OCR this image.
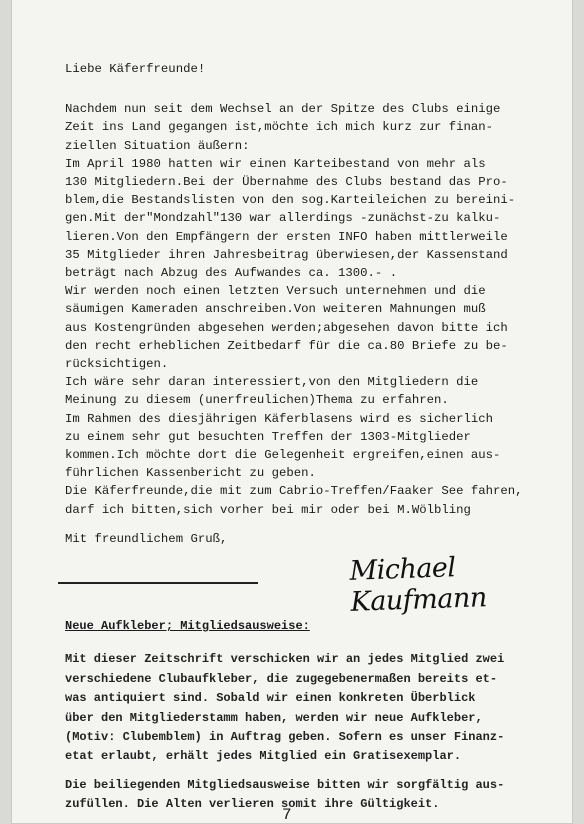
Liebe Käferfreunde!

Nachdem nun seit dem Wechsel an der Spitze des Clubs einige

Zeit ins Land gegangen ist,möchte ich mich kurz zur finan-

ziellen Situation äußern:

Im April 1980 hatten wir einen Karteibestand von mehr als

130 Mitgliedern.Bei der Übernahme des Clubs bestand das Pro-

blem,die Bestandslisten von den sog.Karteileichen zu bereini-

gen.Mit der"Mondzahl"130 war allerdings -zunächst-zu kalku-

lieren.Von den Empfängern der ersten INFO haben mittlerweile

35 Mitglieder ihren Jahresbeitrag überwiesen,der Kassenstand

beträgt nach Abzug des Aufwandes ca. 1300.- .

Wir werden noch einen letzten Versuch unternehmen und die

säumigen Kameraden anschreiben.Von weiteren Mahnungen muß

aus Kostengründen abgesehen werden;abgesehen davon bitte ich

den recht erheblichen Zeitbedarf für die ca.80 Briefe zu be-

rücksichtigen.

Ich wäre sehr daran interessiert,von den Mitgliedern die

Meinung zu diesem (unerfreulichen)Thema zu erfahren.

Im Rahmen des diesjährigen Käferblasens wird es sicherlich

zu einem sehr gut besuchten Treffen der 1303-Mitglieder

kommen.Ich möchte dort die Gelegenheit ergreifen,einen aus-

führlichen Kassenbericht zu geben.

Die Käferfreunde,die mit zum Cabrio-Treffen/Faaker See fahren,

darf ich bitten,sich vorher bei mir oder bei M.Wölbling

Mit freundlichem Gruß,

Michael Kaufmann
Neue Aufkleber; Mitgliedsausweise:

Mit dieser Zeitschrift verschicken wir an jedes Mitglied zwei

verschiedene Clubaufkleber, die zugegebenermaßen bereits et-

was antiquiert sind. Sobald wir einen konkreten Überblick

über den Mitgliederstamm haben, werden wir neue Aufkleber,

(Motiv: Clubemblem) in Auftrag geben. Sofern es unser Finanz-

etat erlaubt, erhält jedes Mitglied ein Gratisexemplar.

Die beiliegenden Mitgliedsausweise bitten wir sorgfältig aus-

zufüllen. Die Alten verlieren somit ihre Gültigkeit.

7
